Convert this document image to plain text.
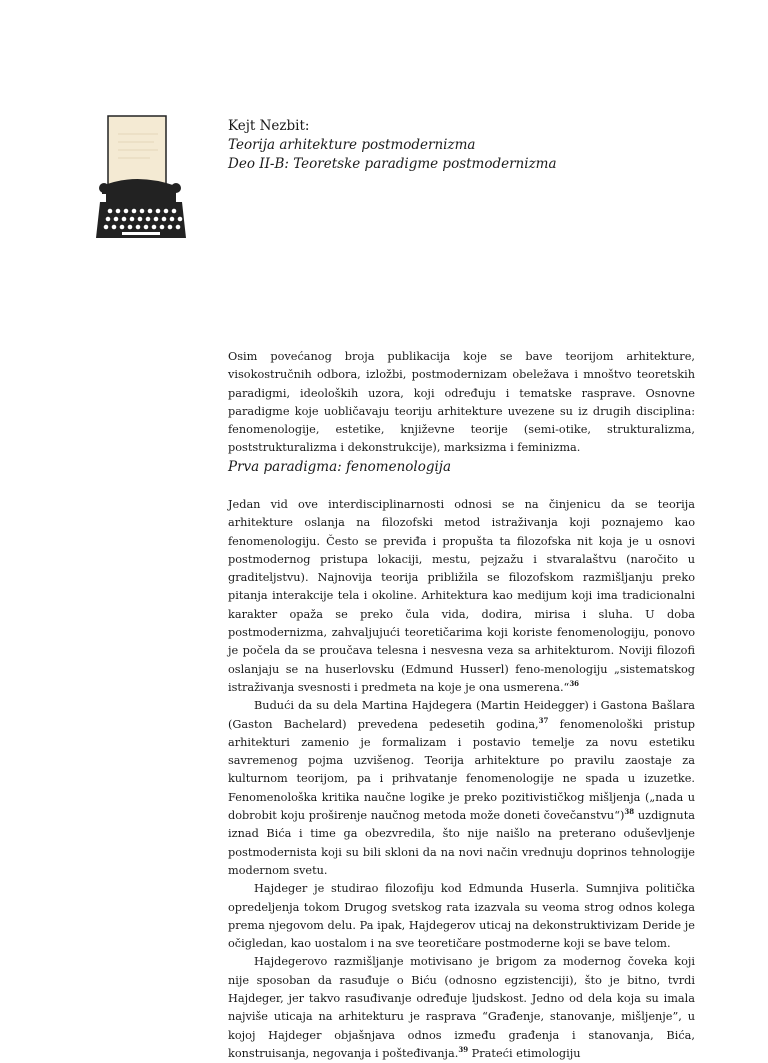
Kejt Nezbit:
Teorija arhitekture postmodernizma
Deo II-B: Teoretske paradigme postmodernizma

Osim povećanog broja publikacija koje se bave teorijom arhitekture, visokostručnih odbora, izložbi, postmodernizam obeležava i mnoštvo teoretskih paradigmi, ideoloških uzora, koji određuju i tematske rasprave. Osnovne paradigme koje uobličavaju teoriju arhitekture uvezene su iz drugih disciplina: fenomenologije, estetike, književne teorije (semi-otike, strukturalizma, poststrukturalizma i dekonstrukcije), marksizma i feminizma.

Prva paradigma: fenomenologija

Jedan vid ove interdisciplinarnosti odnosi se na činjenicu da se teorija arhitekture oslanja na filozofski metod istraživanja koji poznajemo kao fenomenologiju. Često se previđa i propušta ta filozofska nit koja je u osnovi postmodernog pristupa lokaciji, mestu, pejzažu i stvaralaštvu (naročito u graditeljstvu). Najnovija teorija približila se filozofskom razmišljanju preko pitanja interakcije tela i okoline. Arhitektura kao medijum koji ima tradicionalni karakter opaža se preko čula vida, dodira, mirisa i sluha. U doba postmodernizma, zahvaljujući teoretičarima koji koriste fenomenologiju, ponovo je počela da se proučava telesna i nesvesna veza sa arhitekturom. Noviji filozofi oslanjaju se na huserlovsku (Edmund Husserl) feno-menologiju „sistematskog istraživanja svesnosti i predmeta na koje je ona usmerena.“$^{36}$

Budući da su dela Martina Hajdegera (Martin Heidegger) i Gastona Bašlara (Gaston Bachelard) prevedena pedesetih godina,$^{37}$ fenomenološki pristup arhitekturi zamenio je formalizam i postavio temelje za novu estetiku savremenog pojma uzvišenog. Teorija arhitekture po pravilu zaostaje za kulturnom teorijom, pa i prihvatanje fenomenologije ne spada u izuzetke. Fenomenološka kritika naučne logike je preko pozitivističkog mišljenja („nada u dobrobit koju proširenje naučnog metoda može doneti čovečanstvu“)$^{38}$ uzdignuta iznad Bića i time ga obezvredila, što nije naišlo na preterano oduševljenje postmodernista koji su bili skloni da na novi način vrednuju doprinos tehnologije modernom svetu.

Hajdeger je studirao filozofiju kod Edmunda Huserla. Sumnjiva politička opredeljenja tokom Drugog svetskog rata izazvala su veoma strog odnos kolega prema njegovom delu. Pa ipak, Hajdegerov uticaj na dekonstruktivizam Deride je očigledan, kao uostalom i na sve teoretičare postmoderne koji se bave telom.

Hajdegerovo razmišljanje motivisano je brigom za modernog čoveka koji nije sposoban da rasuđuje o Biću (odnosno egzistenciji), što je bitno, tvrdi Hajdeger, jer takvo rasuđivanje određuje ljudskost. Jedno od dela koja su imala najviše uticaja na arhitekturu je rasprava “Građenje, stanovanje, mišljenje”, u kojoj Hajdeger objašnjava odnos između građenja i stanovanja, Bića, konstruisanja, negovanja i pošteđivanja.$^{39}$ Prateći etimologiju
